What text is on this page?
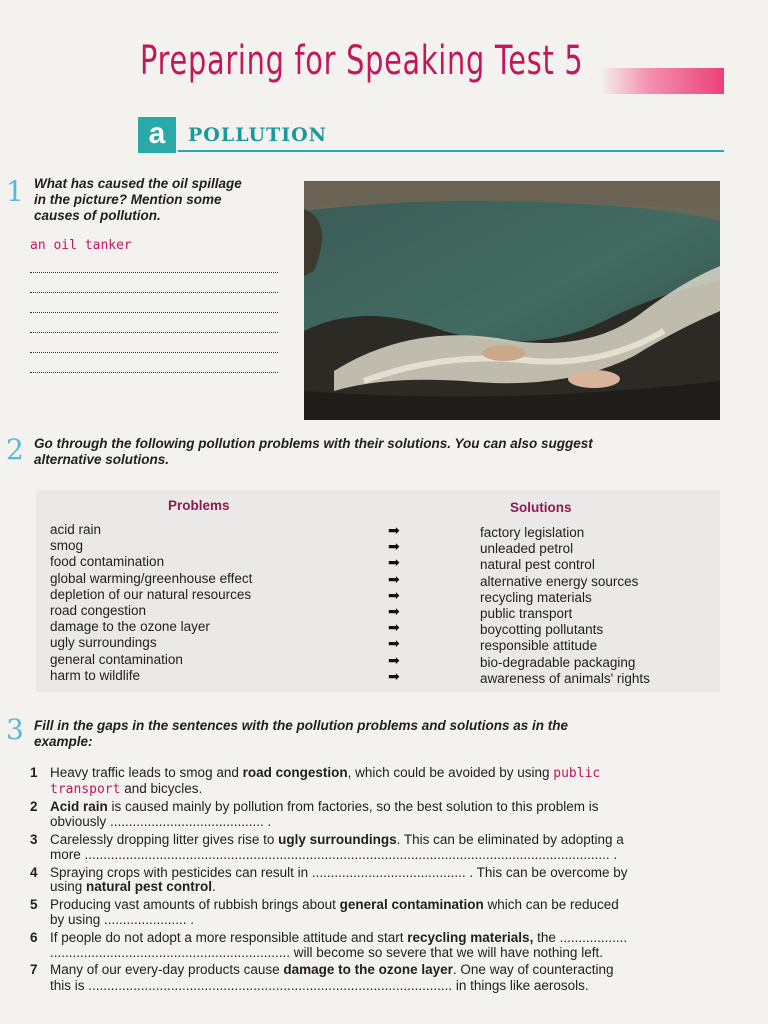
Preparing for Speaking Test 5
a	POLLUTION
1 What has caused the oil spillage
in the picture? Mention some
causes of pollution.
an oil tanker
2 Go through the following pollution problems with their solutions. You can also suggest
alternative solutions.
Problems	Solutions
acid rain
smog
food contamination
global warming/greenhouse effect
depletion of our natural resources
road congestion
damage to the ozone layer
ugly surroundings
general contamination
harm to wildlife
factory legislation
unleaded petrol
natural pest control
alternative energy sources
recycling materials
public transport
boycotting pollutants
responsible attitude
bio-degradable packaging
awareness of animals' rights
➡
➡
➡
➡
➡
➡
➡
➡
➡
➡
3 Fill in the gaps in the sentences with the pollution problems and solutions as in the
example:
1 Heavy traffic leads to smog and road congestion, which could be avoided by using public
transport and bicycles.
2 Acid rain is caused mainly by pollution from factories, so the best solution to this problem is
obviously ......................................... .
3 Carelessly dropping litter gives rise to ugly surroundings. This can be eliminated by adopting a
more ............................................................................................................................................ .
4 Spraying crops with pesticides can result in ......................................... . This can be overcome by
using natural pest control.
5 Producing vast amounts of rubbish brings about general contamination which can be reduced
by using ...................... .
6 If people do not adopt a more responsible attitude and start recycling materials, the ..................
................................................................ will become so severe that we will have nothing left.
7 Many of our every-day products cause damage to the ozone layer. One way of counteracting
this is ................................................................................................. in things like aerosols.
